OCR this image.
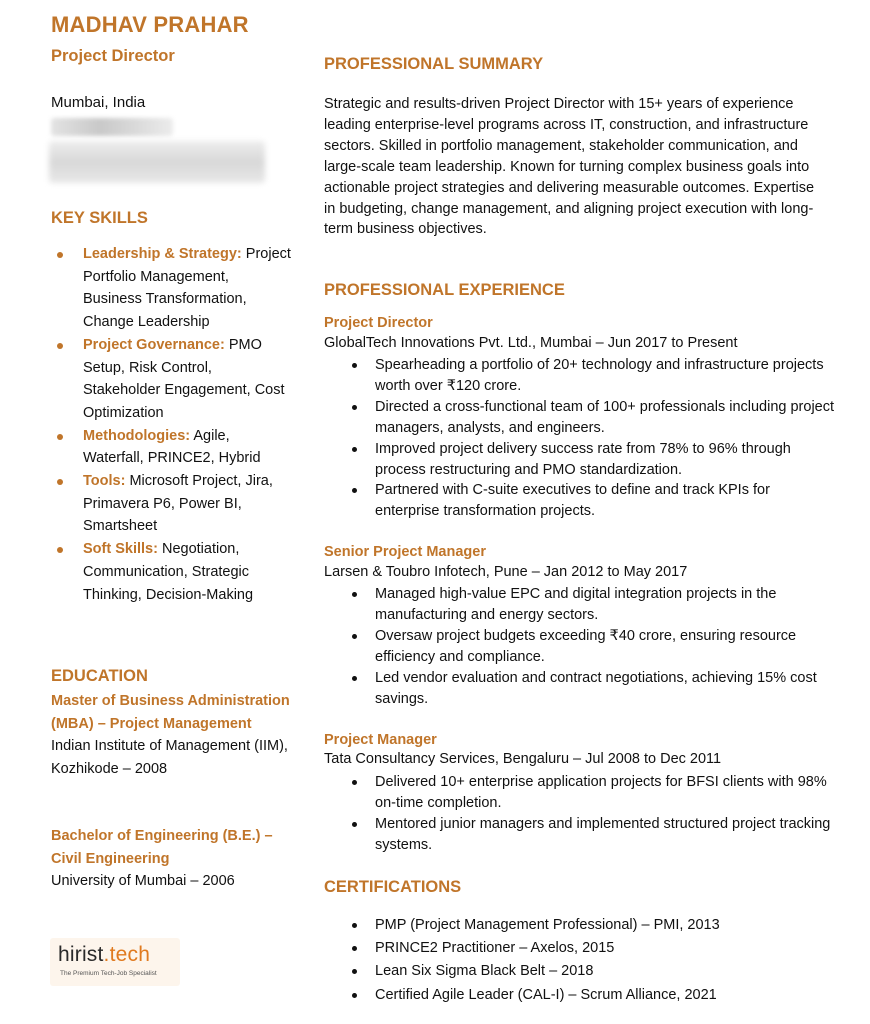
MADHAV PRAHAR
Project Director
Mumbai, India
KEY SKILLS
Leadership & Strategy: Project Portfolio Management, Business Transformation, Change Leadership
Project Governance: PMO Setup, Risk Control, Stakeholder Engagement, Cost Optimization
Methodologies: Agile, Waterfall, PRINCE2, Hybrid
Tools: Microsoft Project, Jira, Primavera P6, Power BI, Smartsheet
Soft Skills: Negotiation, Communication, Strategic Thinking, Decision-Making
EDUCATION
Master of Business Administration (MBA) – Project Management
Indian Institute of Management (IIM), Kozhikode – 2008
Bachelor of Engineering (B.E.) – Civil Engineering
University of Mumbai – 2006
hirist.tech
The Premium Tech-Job Specialist
PROFESSIONAL SUMMARY
Strategic and results-driven Project Director with 15+ years of experience leading enterprise-level programs across IT, construction, and infrastructure sectors. Skilled in portfolio management, stakeholder communication, and large-scale team leadership. Known for turning complex business goals into actionable project strategies and delivering measurable outcomes. Expertise in budgeting, change management, and aligning project execution with long-term business objectives.
PROFESSIONAL EXPERIENCE
Project Director
GlobalTech Innovations Pvt. Ltd., Mumbai – Jun 2017 to Present
Spearheading a portfolio of 20+ technology and infrastructure projects worth over ₹120 crore.
Directed a cross-functional team of 100+ professionals including project managers, analysts, and engineers.
Improved project delivery success rate from 78% to 96% through process restructuring and PMO standardization.
Partnered with C-suite executives to define and track KPIs for enterprise transformation projects.
Senior Project Manager
Larsen & Toubro Infotech, Pune – Jan 2012 to May 2017
Managed high-value EPC and digital integration projects in the manufacturing and energy sectors.
Oversaw project budgets exceeding ₹40 crore, ensuring resource efficiency and compliance.
Led vendor evaluation and contract negotiations, achieving 15% cost savings.
Project Manager
Tata Consultancy Services, Bengaluru – Jul 2008 to Dec 2011
Delivered 10+ enterprise application projects for BFSI clients with 98% on-time completion.
Mentored junior managers and implemented structured project tracking systems.
CERTIFICATIONS
PMP (Project Management Professional) – PMI, 2013
PRINCE2 Practitioner – Axelos, 2015
Lean Six Sigma Black Belt – 2018
Certified Agile Leader (CAL-I) – Scrum Alliance, 2021
